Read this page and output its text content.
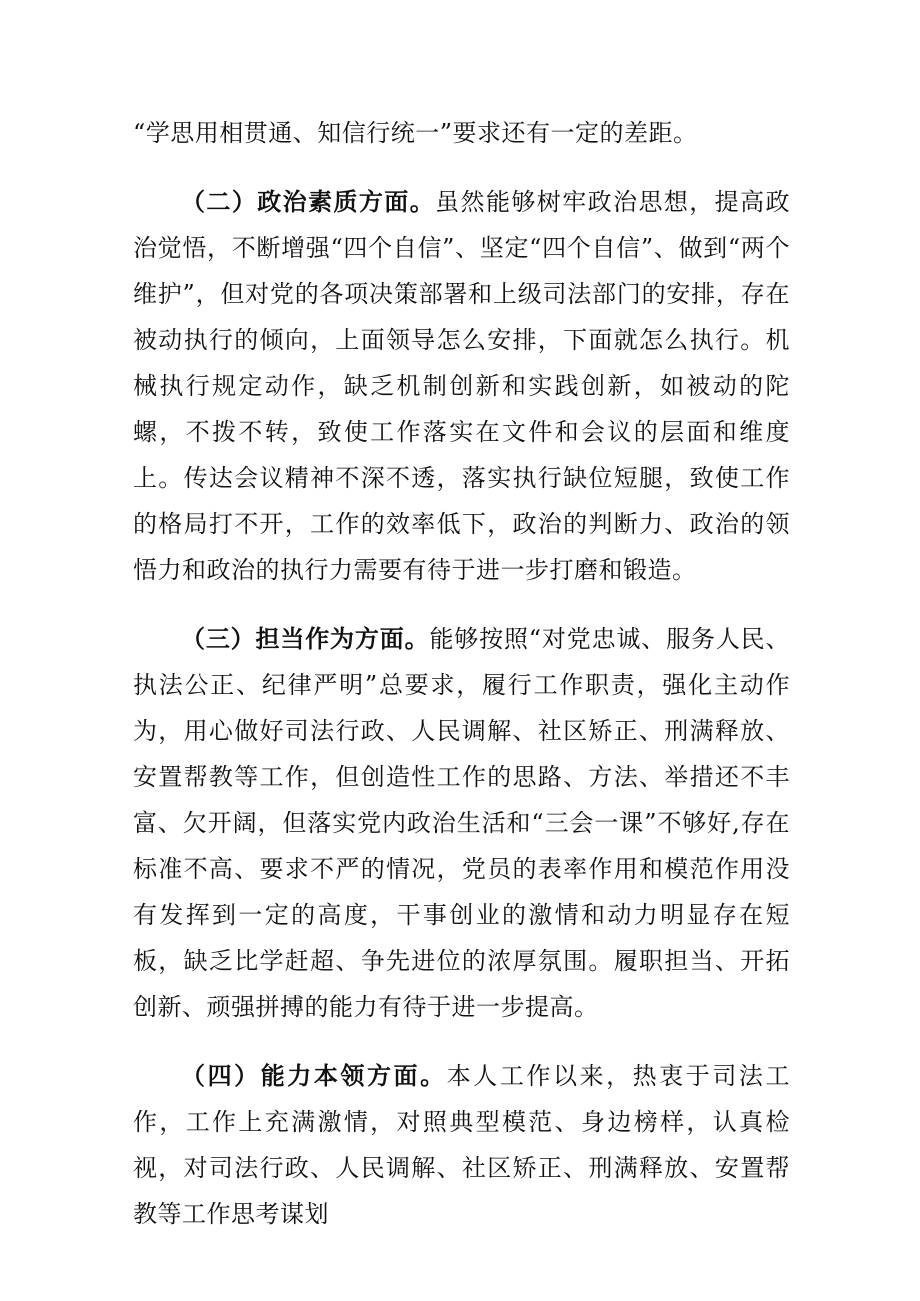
“学思用相贯通、知信行统一”要求还有一定的差距。

（二）政治素质方面。虽然能够树牢政治思想，提高政治觉悟，不断增强“四个自信”、坚定“四个自信”、做到“两个维护”，但对党的各项决策部署和上级司法部门的安排，存在被动执行的倾向，上面领导怎么安排，下面就怎么执行。机械执行规定动作，缺乏机制创新和实践创新，如被动的陀螺，不拨不转，致使工作落实在文件和会议的层面和维度上。传达会议精神不深不透，落实执行缺位短腿，致使工作的格局打不开，工作的效率低下，政治的判断力、政治的领悟力和政治的执行力需要有待于进一步打磨和锻造。

（三）担当作为方面。能够按照“对党忠诚、服务人民、执法公正、纪律严明”总要求，履行工作职责，强化主动作为，用心做好司法行政、人民调解、社区矫正、刑满释放、安置帮教等工作，但创造性工作的思路、方法、举措还不丰富、欠开阔，但落实党内政治生活和“三会一课”不够好,存在标准不高、要求不严的情况，党员的表率作用和模范作用没有发挥到一定的高度，干事创业的激情和动力明显存在短板，缺乏比学赶超、争先进位的浓厚氛围。履职担当、开拓创新、顽强拼搏的能力有待于进一步提高。

（四）能力本领方面。本人工作以来，热衷于司法工作，工作上充满激情，对照典型模范、身边榜样，认真检视，对司法行政、人民调解、社区矫正、刑满释放、安置帮教等工作思考谋划
